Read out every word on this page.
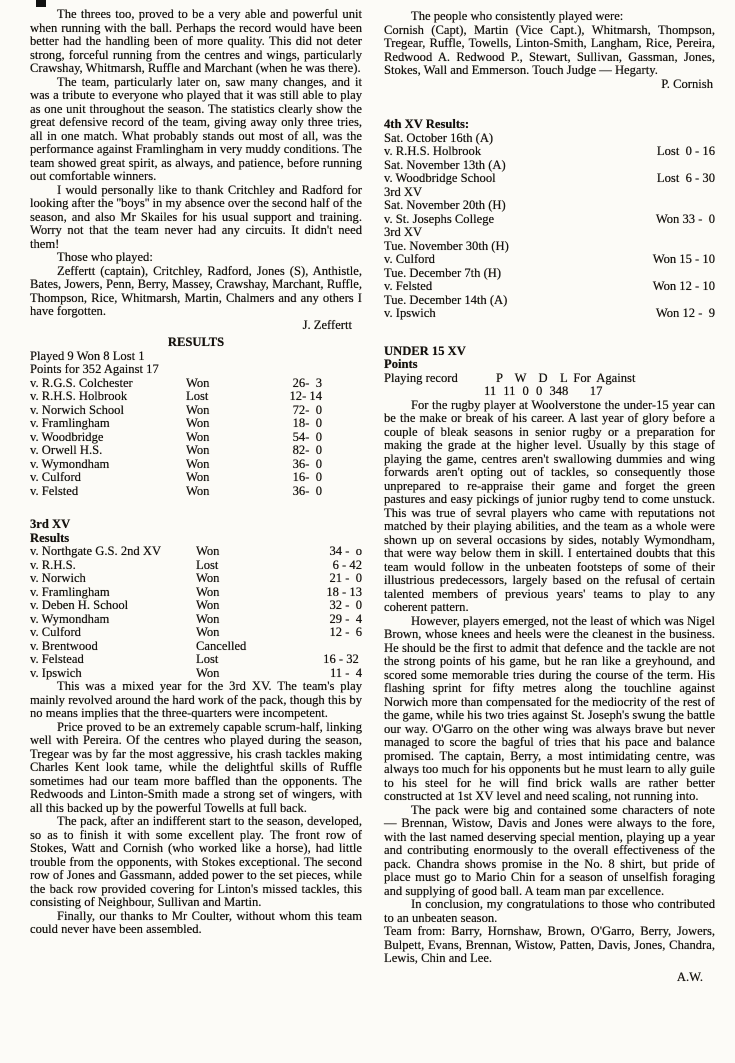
The threes too, proved to be a very able and powerful unit when running with the ball. Perhaps the record would have been better had the handling been of more quality. This did not deter strong, forceful running from the centres and wings, particularly Crawshay, Whitmarsh, Ruffle and Marchant (when he was there).

The team, particularly later on, saw many changes, and it was a tribute to everyone who played that it was still able to play as one unit throughout the season. The statistics clearly show the great defensive record of the team, giving away only three tries, all in one match. What probably stands out most of all, was the performance against Framlingham in very muddy conditions. The team showed great spirit, as always, and patience, before running out comfortable winners.

I would personally like to thank Critchley and Radford for looking after the ''boys'' in my absence over the second half of the season, and also Mr Skailes for his usual support and training. Worry not that the team never had any circuits. It didn't need them!

Those who played:

Zeffertt (captain), Critchley, Radford, Jones (S), Anthistle, Bates, Jowers, Penn, Berry, Massey, Crawshay, Marchant, Ruffle, Thompson, Rice, Whitmarsh, Martin, Chalmers and any others I have forgotten.

J. Zeffertt

RESULTS

Played 9 Won 8 Lost 1

Points for 352 Against 17

v. R.G.S. Colchester	Won	26-  3
v. R.H.S. Holbrook	Lost	12- 14
v. Norwich School	Won	72-  0
v. Framlingham	Won	18-  0
v. Woodbridge	Won	54-  0
v. Orwell H.S.	Won	82-  0
v. Wymondham	Won	36-  0
v. Culford	Won	16-  0
v. Felsted	Won	36-  0

3rd XV

Results

v. Northgate G.S. 2nd XV	Won	34 -  o
v. R.H.S.	Lost	6 - 42
v. Norwich	Won	21 -  0
v. Framlingham	Won	18 - 13
v. Deben H. School	Won	32 -  0
v. Wymondham	Won	29 -  4
v. Culford	Won	12 -  6
v. Brentwood	Cancelled
v. Felstead	Lost	16 - 32
v. Ipswich	Won	11 -  4

This was a mixed year for the 3rd XV. The team's play mainly revolved around the hard work of the pack, though this by no means implies that the three-quarters were incompetent.

Price proved to be an extremely capable scrum-half, linking well with Pereira. Of the centres who played during the season, Tregear was by far the most aggressive, his crash tackles making Charles Kent look tame, while the delightful skills of Ruffle sometimes had our team more baffled than the opponents. The Redwoods and Linton-Smith made a strong set of wingers, with all this backed up by the powerful Towells at full back.

The pack, after an indifferent start to the season, developed, so as to finish it with some excellent play. The front row of Stokes, Watt and Cornish (who worked like a horse), had little trouble from the opponents, with Stokes exceptional. The second row of Jones and Gassmann, added power to the set pieces, while the back row provided covering for Linton's missed tackles, this consisting of Neighbour, Sullivan and Martin.

Finally, our thanks to Mr Coulter, without whom this team could never have been assembled.

The people who consistently played were:

Cornish (Capt), Martin (Vice Capt.), Whitmarsh, Thompson, Tregear, Ruffle, Towells, Linton-Smith, Langham, Rice, Pereira, Redwood A. Redwood P., Stewart, Sullivan, Gassman, Jones, Stokes, Wall and Emmerson. Touch Judge — Hegarty.

P. Cornish

4th XV Results:

Sat. October 16th (A)
v. R.H.S. Holbrook	Lost  0 - 16
Sat. November 13th (A)
v. Woodbridge School	Lost  6 - 30
3rd XV
Sat. November 20th (H)
v. St. Josephs College	Won 33 -  0
3rd XV
Tue. November 30th (H)
v. Culford	Won 15 - 10
Tue. December 7th (H)
v. Felsted	Won 12 - 10
Tue. December 14th (A)
v. Ipswich	Won 12 -  9

UNDER 15 XV

Points

Playing record	P  W  D  L For Against

11 11 0 0 348   17

For the rugby player at Woolverstone the under-15 year can be the make or break of his career. A last year of glory before a couple of bleak seasons in senior rugby or a preparation for making the grade at the higher level. Usually by this stage of playing the game, centres aren't swallowing dummies and wing forwards aren't opting out of tackles, so consequently those unprepared to re-appraise their game and forget the green pastures and easy pickings of junior rugby tend to come unstuck. This was true of sevral players who came with reputations not matched by their playing abilities, and the team as a whole were shown up on several occasions by sides, notably Wymondham, that were way below them in skill. I entertained doubts that this team would follow in the unbeaten footsteps of some of their illustrious predecessors, largely based on the refusal of certain talented members of previous years' teams to play to any coherent pattern.

However, players emerged, not the least of which was Nigel Brown, whose knees and heels were the cleanest in the business. He should be the first to admit that defence and the tackle are not the strong points of his game, but he ran like a greyhound, and scored some memorable tries during the course of the term. His flashing sprint for fifty metres along the touchline against Norwich more than compensated for the mediocrity of the rest of the game, while his two tries against St. Joseph's swung the battle our way. O'Garro on the other wing was always brave but never managed to score the bagful of tries that his pace and balance promised. The captain, Berry, a most intimidating centre, was always too much for his opponents but he must learn to ally guile to his steel for he will find brick walls are rather better constructed at 1st XV level and need scaling, not running into.

The pack were big and contained some characters of note — Brennan, Wistow, Davis and Jones were always to the fore, with the last named deserving special mention, playing up a year and contributing enormously to the overall effectiveness of the pack. Chandra shows promise in the No. 8 shirt, but pride of place must go to Mario Chin for a season of unselfish foraging and supplying of good ball. A team man par excellence.

In conclusion, my congratulations to those who contributed to an unbeaten season.

Team from: Barry, Hornshaw, Brown, O'Garro, Berry, Jowers, Bulpett, Evans, Brennan, Wistow, Patten, Davis, Jones, Chandra, Lewis, Chin and Lee.

A.W.
